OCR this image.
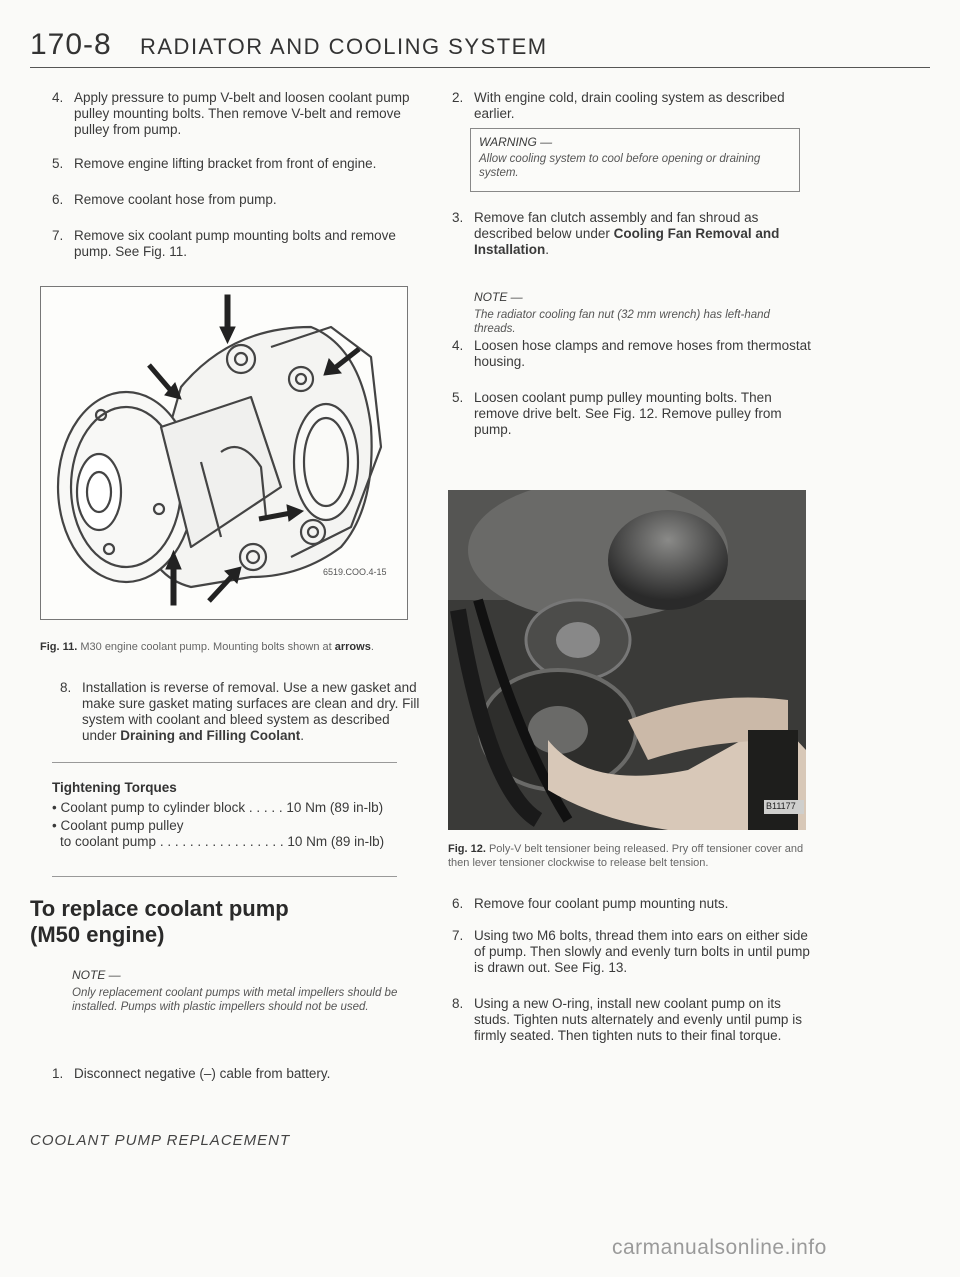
170-8 RADIATOR AND COOLING SYSTEM
4. Apply pressure to pump V-belt and loosen coolant pump pulley mounting bolts. Then remove V-belt and remove pulley from pump.
5. Remove engine lifting bracket from front of engine.
6. Remove coolant hose from pump.
7. Remove six coolant pump mounting bolts and remove pump. See Fig. 11.
6519.COO.4-15
Fig. 11. M30 engine coolant pump. Mounting bolts shown at arrows.
8. Installation is reverse of removal. Use a new gasket and make sure gasket mating surfaces are clean and dry. Fill system with coolant and bleed system as described under Draining and Filling Coolant.
Tightening Torques
• Coolant pump to cylinder block . . . . . 10 Nm (89 in-lb)
• Coolant pump pulley
to coolant pump . . . . . . . . . . . . . . . . . 10 Nm (89 in-lb)
To replace coolant pump
(M50 engine)
NOTE —
Only replacement coolant pumps with metal impellers should be installed. Pumps with plastic impellers should not be used.
1. Disconnect negative (–) cable from battery.
2. With engine cold, drain cooling system as described earlier.
WARNING —
Allow cooling system to cool before opening or draining system.
3. Remove fan clutch assembly and fan shroud as described below under Cooling Fan Removal and Installation.
NOTE —
The radiator cooling fan nut (32 mm wrench) has left-hand threads.
4. Loosen hose clamps and remove hoses from thermostat housing.
5. Loosen coolant pump pulley mounting bolts. Then remove drive belt. See Fig. 12. Remove pulley from pump.
B11177
Fig. 12. Poly-V belt tensioner being released. Pry off tensioner cover and then lever tensioner clockwise to release belt tension.
6. Remove four coolant pump mounting nuts.
7. Using two M6 bolts, thread them into ears on either side of pump. Then slowly and evenly turn bolts in until pump is drawn out. See Fig. 13.
8. Using a new O-ring, install new coolant pump on its studs. Tighten nuts alternately and evenly until pump is firmly seated. Then tighten nuts to their final torque.
COOLANT PUMP REPLACEMENT
carmanualsonline.info
